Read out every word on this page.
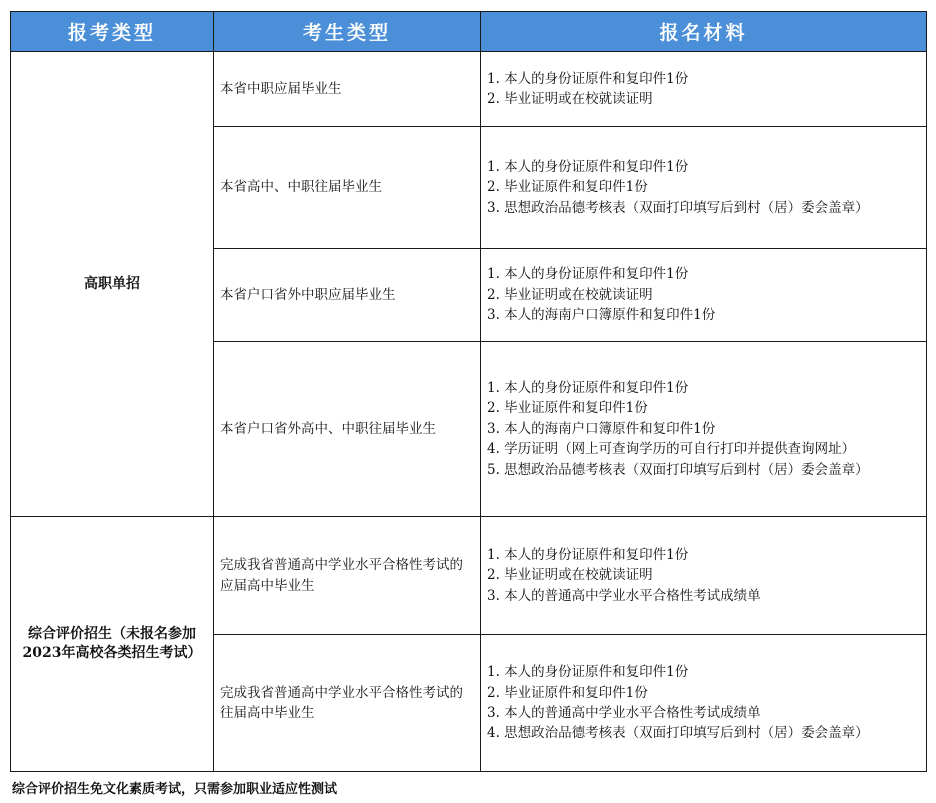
报考类型	考生类型	报名材料
高职单招	本省中职应届毕业生	1. 本人的身份证原件和复印件1份
2. 毕业证明或在校就读证明

	本省高中、中职往届毕业生	1. 本人的身份证原件和复印件1份
2. 毕业证原件和复印件1份
3. 思想政治品德考核表（双面打印填写后到村（居）委会盖章）

	本省户口省外中职应届毕业生	1. 本人的身份证原件和复印件1份
2. 毕业证明或在校就读证明
3. 本人的海南户口簿原件和复印件1份

	本省户口省外高中、中职往届毕业生	1. 本人的身份证原件和复印件1份
2. 毕业证原件和复印件1份
3. 本人的海南户口簿原件和复印件1份
4. 学历证明（网上可查询学历的可自行打印并提供查询网址）
5. 思想政治品德考核表（双面打印填写后到村（居）委会盖章）

综合评价招生（未报名参加2023年高校各类招生考试）	完成我省普通高中学业水平合格性考试的应届高中毕业生	1. 本人的身份证原件和复印件1份
2. 毕业证明或在校就读证明
3. 本人的普通高中学业水平合格性考试成绩单

	完成我省普通高中学业水平合格性考试的往届高中毕业生	1. 本人的身份证原件和复印件1份
2. 毕业证原件和复印件1份
3. 本人的普通高中学业水平合格性考试成绩单
4. 思想政治品德考核表（双面打印填写后到村（居）委会盖章）
综合评价招生免文化素质考试，只需参加职业适应性测试
